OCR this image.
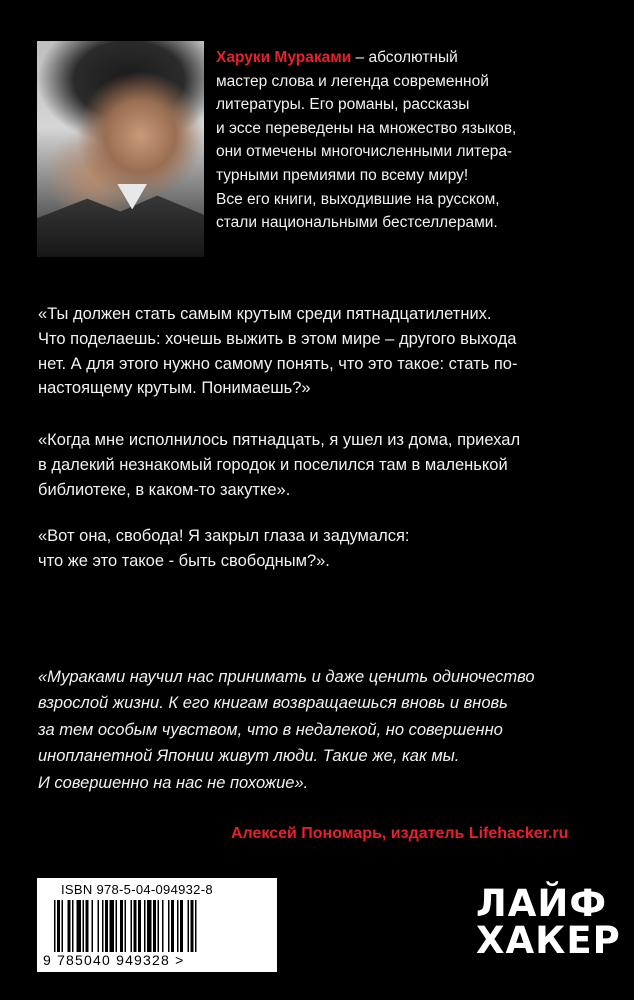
Харуки Мураками – абсолютный
мастер слова и легенда современной
литературы. Его романы, рассказы
и эссе переведены на множество языков,
они отмечены многочисленными литера-
турными премиями по всему миру!
Все его книги, выходившие на русском,
стали национальными бестселлерами.

«Ты должен стать самым крутым среди пятнадцатилетних.
Что поделаешь: хочешь выжить в этом мире – другого выхода
нет. А для этого нужно самому понять, что это такое: стать по-
настоящему крутым. Понимаешь?»

«Когда мне исполнилось пятнадцать, я ушел из дома, приехал
в далекий незнакомый городок и поселился там в маленькой
библиотеке, в каком-то закутке».

«Вот она, свобода! Я закрыл глаза и задумался:
что же это такое - быть свободным?».

«Мураками научил нас принимать и даже ценить одиночество
взрослой жизни. К его книгам возвращаешься вновь и вновь
за тем особым чувством, что в недалекой, но совершенно
инопланетной Японии живут люди. Такие же, как мы.
И совершенно на нас не похожие».

Алексей Пономарь, издатель Lifehacker.ru

ISBN 978-5-04-094932-8
9 785040 949328 >
ЛАЙФ
ХАКЕР
